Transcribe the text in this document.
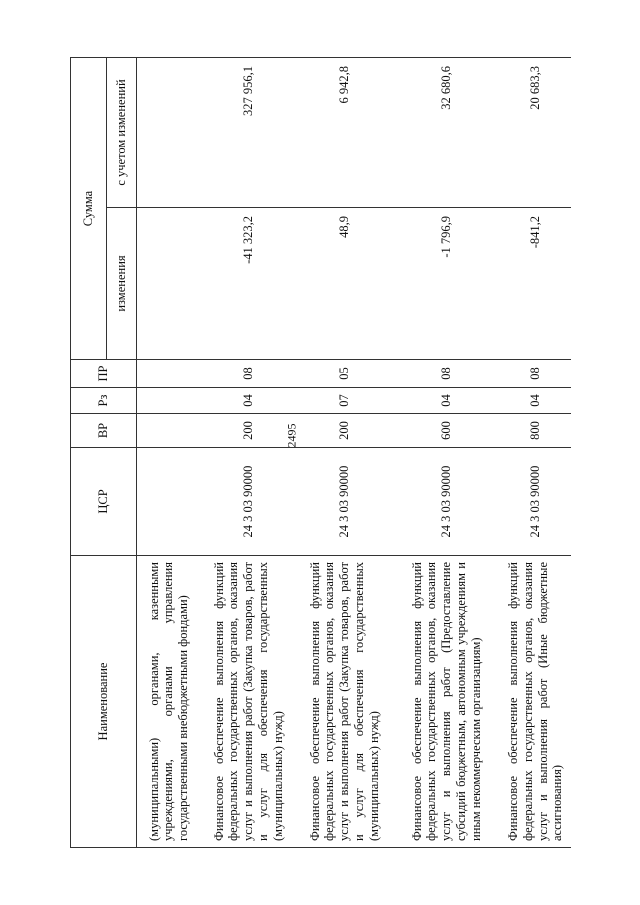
2495
Наименование	ЦСР	ВР	Рз	ПР	Сумма	
					изменения	с учетом изменений
(муниципальными) органами, казенными учреждениями, органами управления государственными внебюджетными фондами)						
Финансовое обеспечение выполнения функций федеральных государственных органов, оказания услуг и выполнения работ (Закупка товаров, работ и услуг для обеспечения государственных (муниципальных) нужд)	24 3 03 90000	200	04	08	-41 323,2	327 956,1
Финансовое обеспечение выполнения функций федеральных государственных органов, оказания услуг и выполнения работ (Закупка товаров, работ и услуг для обеспечения государственных (муниципальных) нужд)	24 3 03 90000	200	07	05	48,9	6 942,8
Финансовое обеспечение выполнения функций федеральных государственных органов, оказания услуг и выполнения работ (Предоставление субсидий бюджетным, автономным учреждениям и иным некоммерческим организациям)	24 3 03 90000	600	04	08	-1 796,9	32 680,6
Финансовое обеспечение выполнения функций федеральных государственных органов, оказания услуг и выполнения работ (Иные бюджетные ассигнования)	24 3 03 90000	800	04	08	-841,2	20 683,3
